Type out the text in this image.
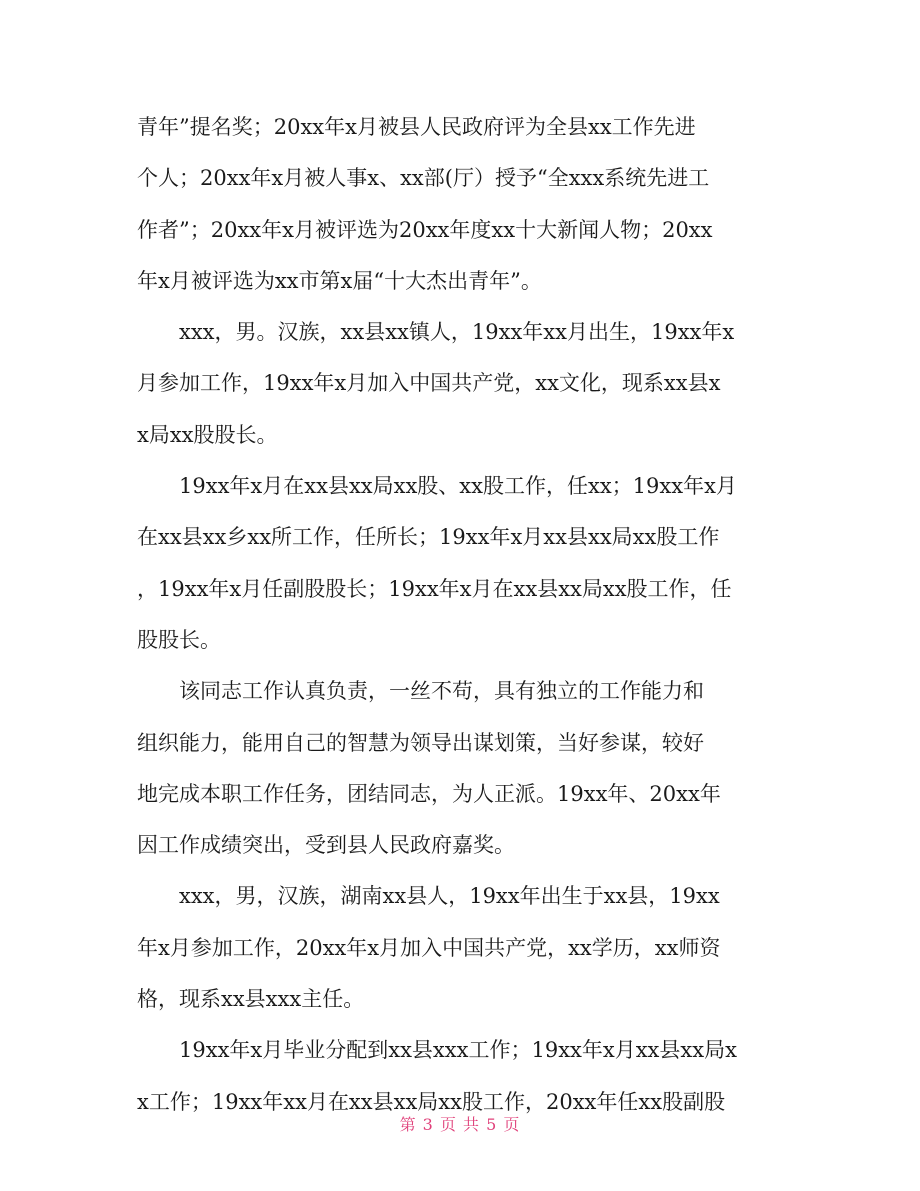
青年”提名奖；20xx年x月被县人民政府评为全县xx工作先进
个人；20xx年x月被人事x、xx部(厅）授予“全xxx系统先进工
作者”；20xx年x月被评选为20xx年度xx十大新闻人物；20xx
年x月被评选为xx市第x届“十大杰出青年”。
xxx，男。汉族，xx县xx镇人，19xx年xx月出生，19xx年x
月参加工作，19xx年x月加入中国共产党，xx文化，现系xx县x
x局xx股股长。
19xx年x月在xx县xx局xx股、xx股工作，任xx；19xx年x月
在xx县xx乡xx所工作，任所长；19xx年x月xx县xx局xx股工作
，19xx年x月任副股股长；19xx年x月在xx县xx局xx股工作，任
股股长。
该同志工作认真负责，一丝不苟，具有独立的工作能力和
组织能力，能用自己的智慧为领导出谋划策，当好参谋，较好
地完成本职工作任务，团结同志，为人正派。19xx年、20xx年
因工作成绩突出，受到县人民政府嘉奖。
xxx，男，汉族，湖南xx县人，19xx年出生于xx县，19xx
年x月参加工作，20xx年x月加入中国共产党，xx学历，xx师资
格，现系xx县xxx主任。
19xx年x月毕业分配到xx县xxx工作；19xx年x月xx县xx局x
x工作；19xx年xx月在xx县xx局xx股工作，20xx年任xx股副股
第 3 页 共 5 页
